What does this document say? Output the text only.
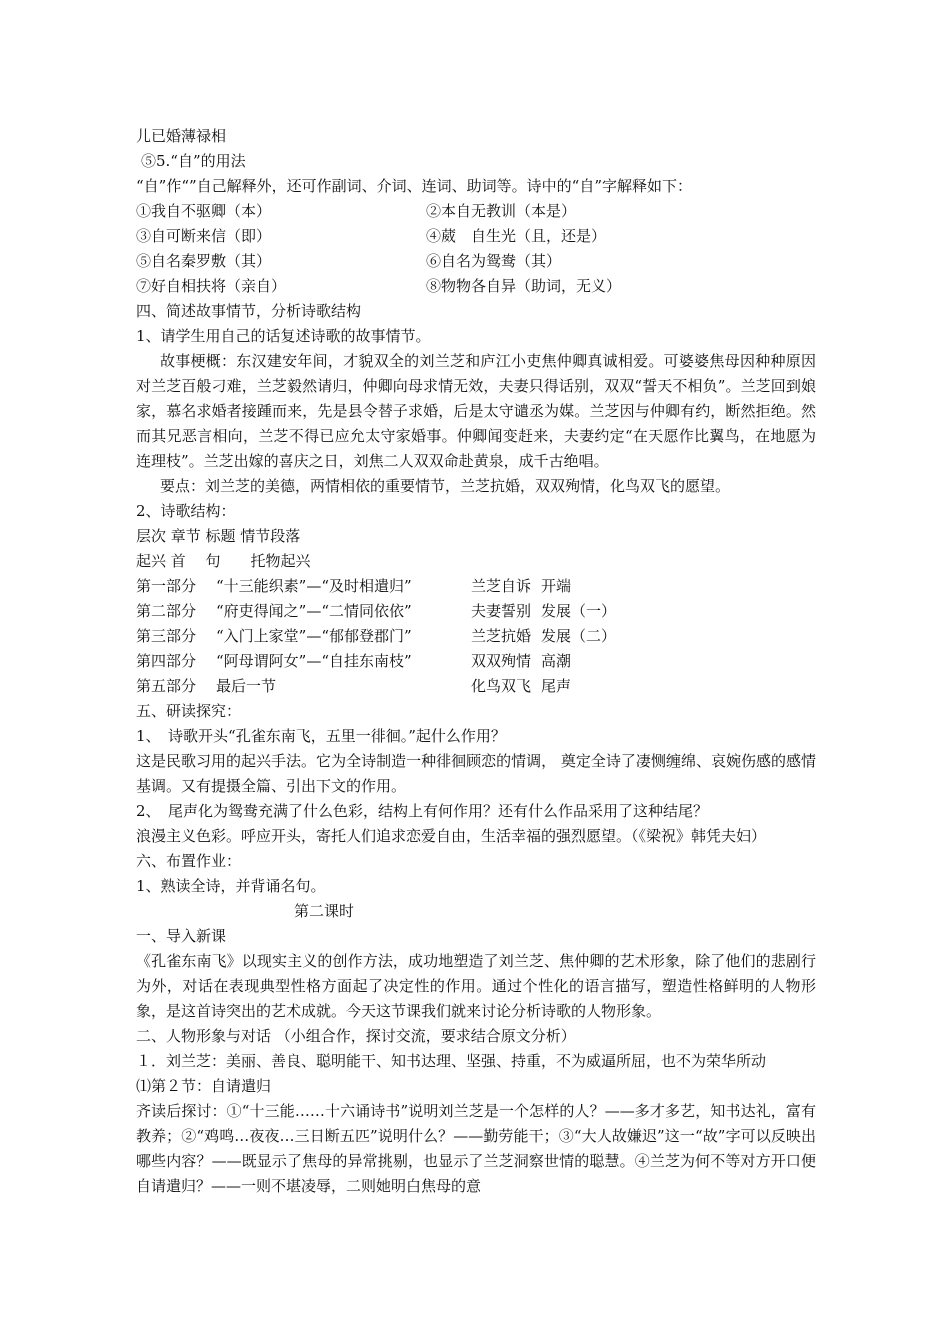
儿已婚薄禄相
⑤5.“自”的用法
“自”作“”自己解释外，还可作副词、介词、连词、助词等。诗中的“自”字解释如下：
①我自不驱卿（本）	②本自无教训（本是）
③自可断来信（即）	④葳　自生光（且，还是）
⑤自名秦罗敷（其）	⑥自名为鸳鸯（其）
⑦好自相扶将（亲自）	⑧物物各自异（助词，无义）
四、简述故事情节，分析诗歌结构
1、请学生用自己的话复述诗歌的故事情节。
故事梗概：东汉建安年间，才貌双全的刘兰芝和庐江小吏焦仲卿真诚相爱。可婆婆焦母因种种原因对兰芝百般刁难，兰芝毅然请归，仲卿向母求情无效，夫妻只得话别，双双“誓天不相负”。兰芝回到娘家，慕名求婚者接踵而来，先是县令替子求婚，后是太守谴丞为媒。兰芝因与仲卿有约，断然拒绝。然而其兄恶言相向，兰芝不得已应允太守家婚事。仲卿闻变赶来，夫妻约定“在天愿作比翼鸟，在地愿为连理枝”。兰芝出嫁的喜庆之日，刘焦二人双双命赴黄泉，成千古绝唱。
要点：刘兰芝的美德，两情相依的重要情节，兰芝抗婚，双双殉情，化鸟双飞的愿望。
2、诗歌结构：
层次 章节 标题 情节段落
起兴 首　 句　　托物起兴
第一部分	“十三能织素”—“及时相遣归”	兰芝自诉 开端
第二部分	“府吏得闻之”—“二情同依依”	夫妻誓别 发展（一）
第三部分	“入门上家堂”—“郁郁登郡门”	兰芝抗婚 发展（二）
第四部分	“阿母谓阿女”—“自挂东南枝”	双双殉情 高潮
第五部分	最后一节	化鸟双飞 尾声
五、研读探究：
1、　诗歌开头“孔雀东南飞，五里一徘徊。”起什么作用？
这是民歌习用的起兴手法。它为全诗制造一种徘徊顾恋的情调， 奠定全诗了凄恻缠绵、哀婉伤感的感情基调。又有提摄全篇、引出下文的作用。
2、　尾声化为鸳鸯充满了什么色彩，结构上有何作用？还有什么作品采用了这种结尾？
浪漫主义色彩。呼应开头，寄托人们追求恋爱自由，生活幸福的强烈愿望。（《梁祝》韩凭夫妇）
六、布置作业：
1、熟读全诗，并背诵名句。
第二课时
一、导入新课
《孔雀东南飞》以现实主义的创作方法，成功地塑造了刘兰芝、焦仲卿的艺术形象，除了他们的悲剧行为外，对话在表现典型性格方面起了决定性的作用。通过个性化的语言描写，塑造性格鲜明的人物形象，是这首诗突出的艺术成就。今天这节课我们就来讨论分析诗歌的人物形象。
二、人物形象与对话 （小组合作，探讨交流，要求结合原文分析）
１．刘兰芝：美丽、善良、聪明能干、知书达理、坚强、持重，不为威逼所屈，也不为荣华所动
⑴第２节：自请遣归
齐读后探讨：①“十三能……十六诵诗书”说明刘兰芝是一个怎样的人？——多才多艺，知书达礼，富有教养；②“鸡鸣…夜夜…三日断五匹”说明什么？——勤劳能干；③“大人故嫌迟”这一“故”字可以反映出哪些内容？——既显示了焦母的异常挑剔，也显示了兰芝洞察世情的聪慧。④兰芝为何不等对方开口便自请遣归？——一则不堪凌辱，二则她明白焦母的意
